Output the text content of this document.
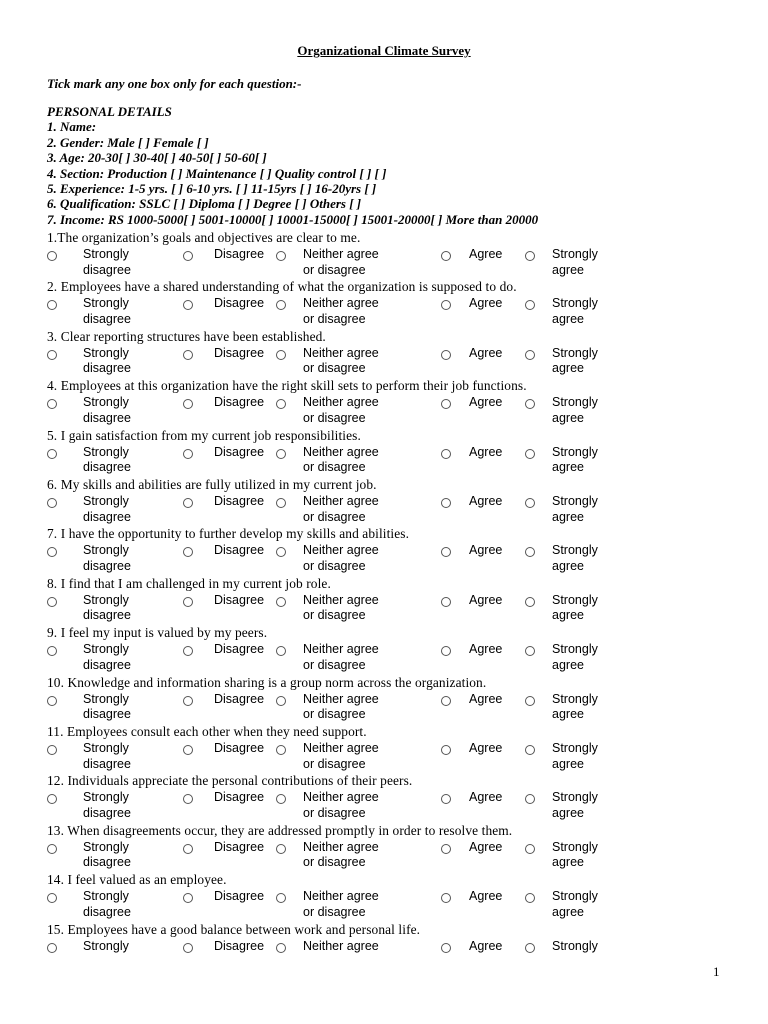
Organizational Climate Survey
Tick mark any one box only for each question:-
PERSONAL DETAILS
1. Name:
2. Gender: Male [ ] Female [ ]
3. Age: 20-30[ ] 30-40[ ] 40-50[ ] 50-60[ ]
4. Section: Production [ ] Maintenance [ ] Quality control [ ] [ ]
5. Experience: 1-5 yrs. [ ] 6-10 yrs. [ ] 11-15yrs [ ] 16-20yrs [ ]
6. Qualification: SSLC [ ] Diploma [ ] Degree [ ] Others [ ]
7. Income: RS 1000-5000[ ] 5001-10000[ ] 10001-15000[ ] 15001-20000[ ] More than 20000
1.The organization’s goals and objectives are clear to me.
Strongly
disagree
Disagree	Neither agree
or disagree
Agree	Strongly
agree
2. Employees have a shared understanding of what the organization is supposed to do.
Strongly
disagree
Disagree	Neither agree
or disagree
Agree	Strongly
agree
3. Clear reporting structures have been established.
Strongly
disagree
Disagree	Neither agree
or disagree
Agree	Strongly
agree
4. Employees at this organization have the right skill sets to perform their job functions.
Strongly
disagree
Disagree	Neither agree
or disagree
Agree	Strongly
agree
5. I gain satisfaction from my current job responsibilities.
Strongly
disagree
Disagree	Neither agree
or disagree
Agree	Strongly
agree
6. My skills and abilities are fully utilized in my current job.
Strongly
disagree
Disagree	Neither agree
or disagree
Agree	Strongly
agree
7. I have the opportunity to further develop my skills and abilities.
Strongly
disagree
Disagree	Neither agree
or disagree
Agree	Strongly
agree
8. I find that I am challenged in my current job role.
Strongly
disagree
Disagree	Neither agree
or disagree
Agree	Strongly
agree
9. I feel my input is valued by my peers.
Strongly
disagree
Disagree	Neither agree
or disagree
Agree	Strongly
agree
10. Knowledge and information sharing is a group norm across the organization.
Strongly
disagree
Disagree	Neither agree
or disagree
Agree	Strongly
agree
11. Employees consult each other when they need support.
Strongly
disagree
Disagree	Neither agree
or disagree
Agree	Strongly
agree
12. Individuals appreciate the personal contributions of their peers.
Strongly
disagree
Disagree	Neither agree
or disagree
Agree	Strongly
agree
13. When disagreements occur, they are addressed promptly in order to resolve them.
Strongly
disagree
Disagree	Neither agree
or disagree
Agree	Strongly
agree
14. I feel valued as an employee.
Strongly
disagree
Disagree	Neither agree
or disagree
Agree	Strongly
agree
15. Employees have a good balance between work and personal life.
Strongly	Disagree	Neither agree	Agree	Strongly
1
